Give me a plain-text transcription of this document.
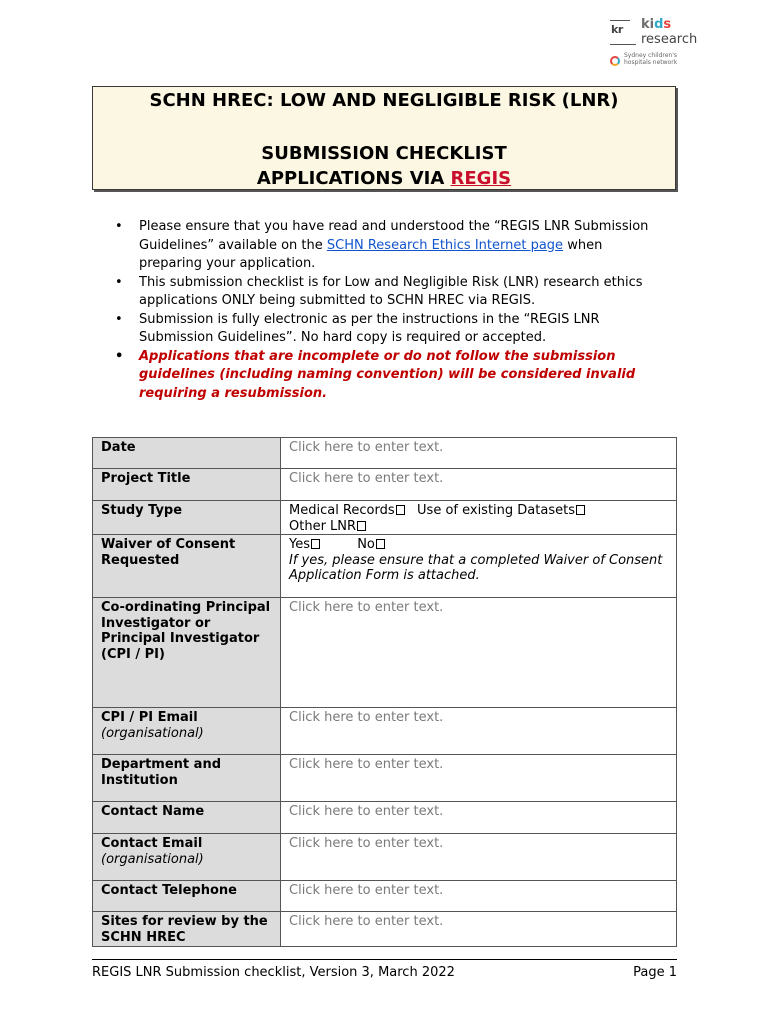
kr kids
research
Sydney children's hospitals network
SCHN HREC: LOW AND NEGLIGIBLE RISK (LNR)
SUBMISSION CHECKLIST
APPLICATIONS VIA REGIS
• Please ensure that you have read and understood the “REGIS LNR Submission Guidelines” available on the SCHN Research Ethics Internet page when preparing your application.
• This submission checklist is for Low and Negligible Risk (LNR) research ethics applications ONLY being submitted to SCHN HREC via REGIS.
• Submission is fully electronic as per the instructions in the “REGIS LNR Submission Guidelines”. No hard copy is required or accepted.
• Applications that are incomplete or do not follow the submission guidelines (including naming convention) will be considered invalid requiring a resubmission.
Date	Click here to enter text.
Project Title	Click here to enter text.
Study Type	Medical Records Use of existing Datasets
Other LNR
Waiver of Consent Requested	Yes No
If yes, please ensure that a completed Waiver of Consent Application Form is attached.
Co-ordinating Principal Investigator or Principal Investigator (CPI / PI)	Click here to enter text.
CPI / PI Email
(organisational)	Click here to enter text.
Department and Institution	Click here to enter text.
Contact Name	Click here to enter text.
Contact Email
(organisational)	Click here to enter text.
Contact Telephone	Click here to enter text.
Sites for review by the SCHN HREC	Click here to enter text.
REGIS LNR Submission checklist, Version 3, March 2022	Page 1
